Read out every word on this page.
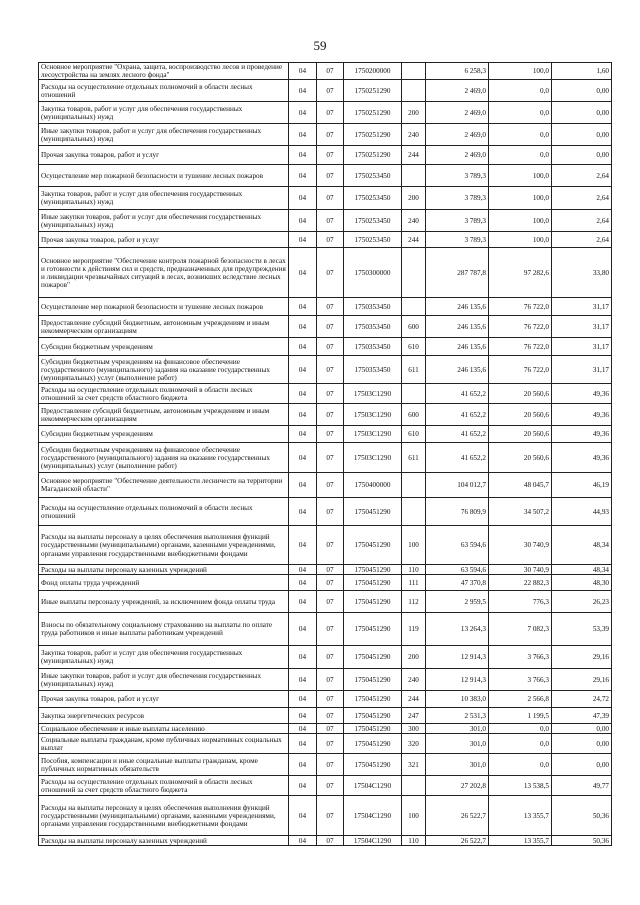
59
Основное мероприятие "Охрана, защита, воспроизводство лесов и проведение лесоустройства на землях лесного фонда"	04	07	1750200000		6 258,3	100,0	1,60
Расходы на осуществление отдельных полномочий в области лесных отношений	04	07	1750251290		2 469,0	0,0	0,00
Закупка товаров, работ и услуг для обеспечения государственных (муниципальных) нужд	04	07	1750251290	200	2 469,0	0,0	0,00
Иные закупки товаров, работ и услуг для обеспечения государственных (муниципальных) нужд	04	07	1750251290	240	2 469,0	0,0	0,00
Прочая закупка товаров, работ и услуг	04	07	1750251290	244	2 469,0	0,0	0,00
Осуществление мер пожарной безопасности и тушение лесных пожаров	04	07	1750253450		3 789,3	100,0	2,64
Закупка товаров, работ и услуг для обеспечения государственных (муниципальных) нужд	04	07	1750253450	200	3 789,3	100,0	2,64
Иные закупки товаров, работ и услуг для обеспечения государственных (муниципальных) нужд	04	07	1750253450	240	3 789,3	100,0	2,64
Прочая закупка товаров, работ и услуг	04	07	1750253450	244	3 789,3	100,0	2,64
Основное мероприятие "Обеспечение контроля пожарной безопасности в лесах и готовности к действиям сил и средств, предназначенных для предупреждения и ликвидации чрезвычайных ситуаций в лесах, возникших вследствие лесных пожаров"	04	07	1750300000		287 787,8	97 282,6	33,80
Осуществление мер пожарной безопасности и тушение лесных пожаров	04	07	1750353450		246 135,6	76 722,0	31,17
Предоставление субсидий бюджетным, автономным учреждениям и иным некоммерческим организациям	04	07	1750353450	600	246 135,6	76 722,0	31,17
Субсидии бюджетным учреждениям	04	07	1750353450	610	246 135,6	76 722,0	31,17
Субсидии бюджетным учреждениям на финансовое обеспечение государственного (муниципального) задания на оказание государственных (муниципальных) услуг (выполнение работ)	04	07	1750353450	611	246 135,6	76 722,0	31,17
Расходы на осуществление отдельных полномочий в области лесных отношений за счет средств областного бюджета	04	07	17503С1290		41 652,2	20 560,6	49,36
Предоставление субсидий бюджетным, автономным учреждениям и иным некоммерческим организациям	04	07	17503С1290	600	41 652,2	20 560,6	49,36
Субсидии бюджетным учреждениям	04	07	17503С1290	610	41 652,2	20 560,6	49,36
Субсидии бюджетным учреждениям на финансовое обеспечение государственного (муниципального) задания на оказание государственных (муниципальных) услуг (выполнение работ)	04	07	17503С1290	611	41 652,2	20 560,6	49,36
Основное мероприятие "Обеспечение деятельности лесничеств на территории Магаданской области"	04	07	1750400000		104 012,7	48 045,7	46,19
Расходы на осуществление отдельных полномочий в области лесных отношений	04	07	1750451290		76 809,9	34 507,2	44,93
Расходы на выплаты персоналу в целях обеспечения выполнения функций государственными (муниципальными) органами, казенными учреждениями, органами управления государственными внебюджетными фондами	04	07	1750451290	100	63 594,6	30 740,9	48,34
Расходы на выплаты персоналу казенных учреждений	04	07	1750451290	110	63 594,6	30 740,9	48,34
Фонд оплаты труда учреждений	04	07	1750451290	111	47 370,8	22 882,3	48,30
Иные выплаты персоналу учреждений, за исключением фонда оплаты труда	04	07	1750451290	112	2 959,5	776,3	26,23
Взносы по обязательному социальному страхованию на выплаты по оплате труда работников и иные выплаты работникам учреждений	04	07	1750451290	119	13 264,3	7 082,3	53,39
Закупка товаров, работ и услуг для обеспечения государственных (муниципальных) нужд	04	07	1750451290	200	12 914,3	3 766,3	29,16
Иные закупки товаров, работ и услуг для обеспечения государственных (муниципальных) нужд	04	07	1750451290	240	12 914,3	3 766,3	29,16
Прочая закупка товаров, работ и услуг	04	07	1750451290	244	10 383,0	2 566,8	24,72
Закупка энергетических ресурсов	04	07	1750451290	247	2 531,3	1 199,5	47,39
Социальное обеспечение и иные выплаты населению	04	07	1750451290	300	301,0	0,0	0,00
Социальные выплаты гражданам, кроме публичных нормативных социальных выплат	04	07	1750451290	320	301,0	0,0	0,00
Пособия, компенсации и иные социальные выплаты гражданам, кроме публичных нормативных обязательств	04	07	1750451290	321	301,0	0,0	0,00
Расходы на осуществление отдельных полномочий в области лесных отношений за счет средств областного бюджета	04	07	17504С1290		27 202,8	13 538,5	49,77
Расходы на выплаты персоналу в целях обеспечения выполнения функций государственными (муниципальными) органами, казенными учреждениями, органами управления государственными внебюджетными фондами	04	07	17504С1290	100	26 522,7	13 355,7	50,36
Расходы на выплаты персоналу казенных учреждений	04	07	17504С1290	110	26 522,7	13 355,7	50,36
